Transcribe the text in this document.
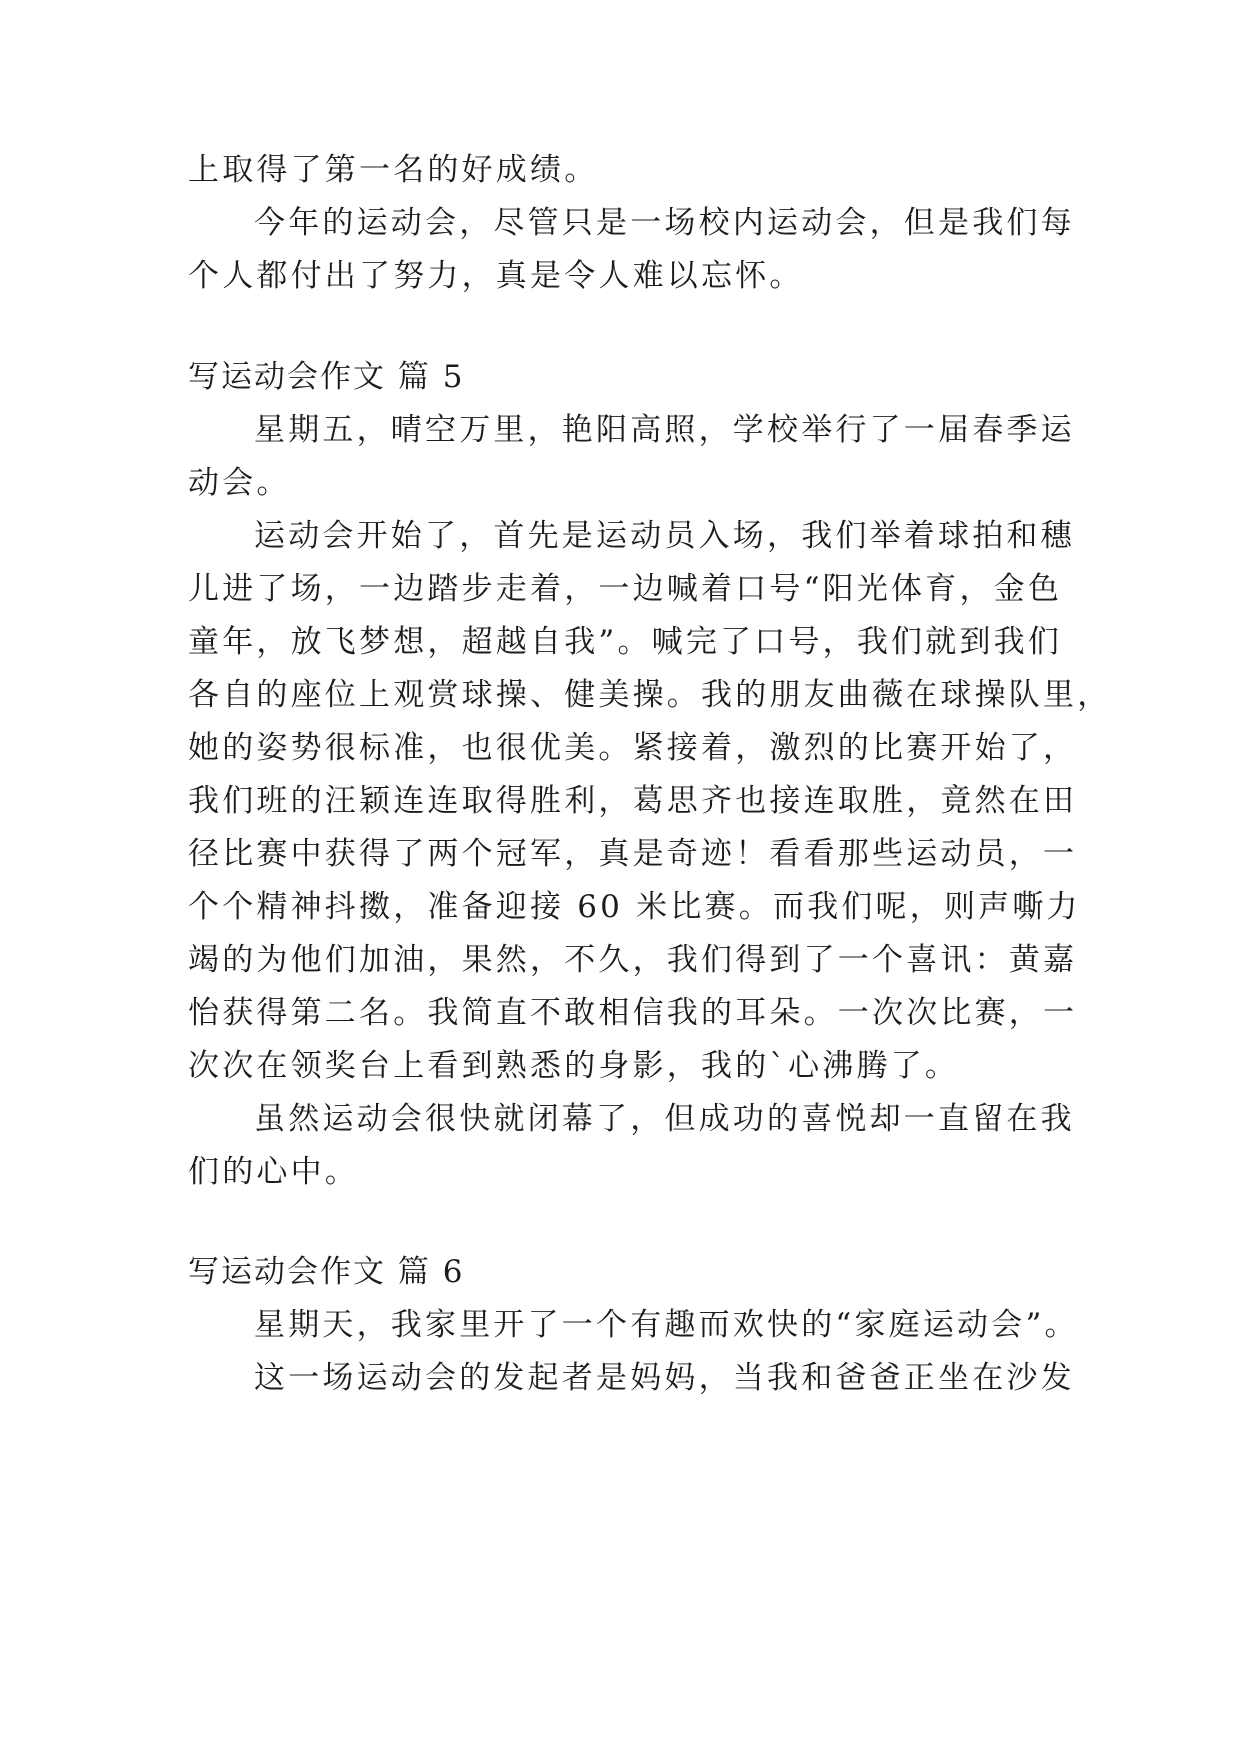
上取得了第一名的好成绩。
今年的运动会，尽管只是一场校内运动会，但是我们每
个人都付出了努力，真是令人难以忘怀。
写运动会作文 篇 5
星期五，晴空万里，艳阳高照，学校举行了一届春季运
动会。
运动会开始了，首先是运动员入场，我们举着球拍和穗
儿进了场，一边踏步走着，一边喊着口号“阳光体育，金色
童年，放飞梦想，超越自我”。喊完了口号，我们就到我们
各自的座位上观赏球操、健美操。我的朋友曲薇在球操队里，
她的姿势很标准，也很优美。紧接着，激烈的比赛开始了，
我们班的汪颖连连取得胜利，葛思齐也接连取胜，竟然在田
径比赛中获得了两个冠军，真是奇迹！看看那些运动员，一
个个精神抖擞，准备迎接 60 米比赛。而我们呢，则声嘶力
竭的为他们加油，果然，不久，我们得到了一个喜讯：黄嘉
怡获得第二名。我简直不敢相信我的耳朵。一次次比赛，一
次次在领奖台上看到熟悉的身影，我的`心沸腾了。
虽然运动会很快就闭幕了，但成功的喜悦却一直留在我
们的心中。
写运动会作文 篇 6
星期天，我家里开了一个有趣而欢快的“家庭运动会”。
这一场运动会的发起者是妈妈，当我和爸爸正坐在沙发
